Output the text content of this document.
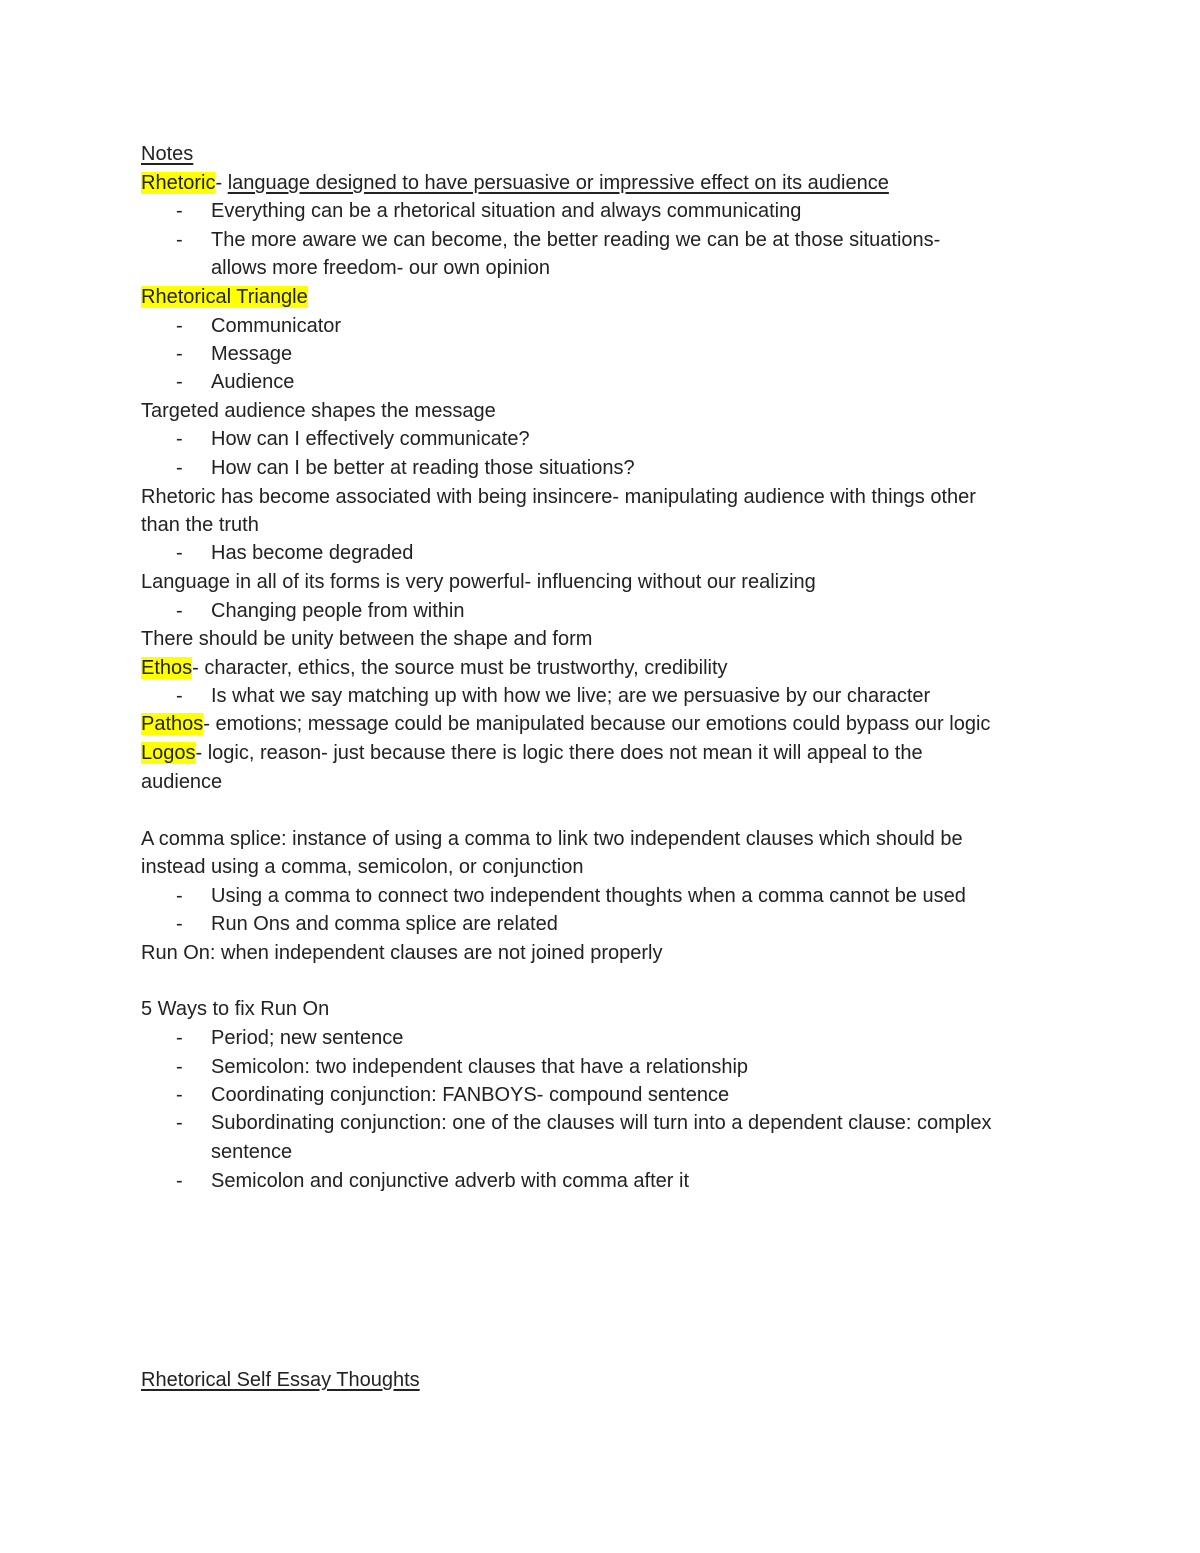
Notes
Rhetoric- language designed to have persuasive or impressive effect on its audience
- Everything can be a rhetorical situation and always communicating
- The more aware we can become, the better reading we can be at those situations-
allows more freedom- our own opinion
Rhetorical Triangle
- Communicator
- Message
- Audience
Targeted audience shapes the message
- How can I effectively communicate?
- How can I be better at reading those situations?
Rhetoric has become associated with being insincere- manipulating audience with things other
than the truth
- Has become degraded
Language in all of its forms is very powerful- influencing without our realizing
- Changing people from within
There should be unity between the shape and form
Ethos- character, ethics, the source must be trustworthy, credibility
- Is what we say matching up with how we live; are we persuasive by our character
Pathos- emotions; message could be manipulated because our emotions could bypass our logic
Logos- logic, reason- just because there is logic there does not mean it will appeal to the
audience
A comma splice: instance of using a comma to link two independent clauses which should be
instead using a comma, semicolon, or conjunction
- Using a comma to connect two independent thoughts when a comma cannot be used
- Run Ons and comma splice are related
Run On: when independent clauses are not joined properly
5 Ways to fix Run On
- Period; new sentence
- Semicolon: two independent clauses that have a relationship
- Coordinating conjunction: FANBOYS- compound sentence
- Subordinating conjunction: one of the clauses will turn into a dependent clause: complex
sentence
- Semicolon and conjunctive adverb with comma after it
Rhetorical Self Essay Thoughts
